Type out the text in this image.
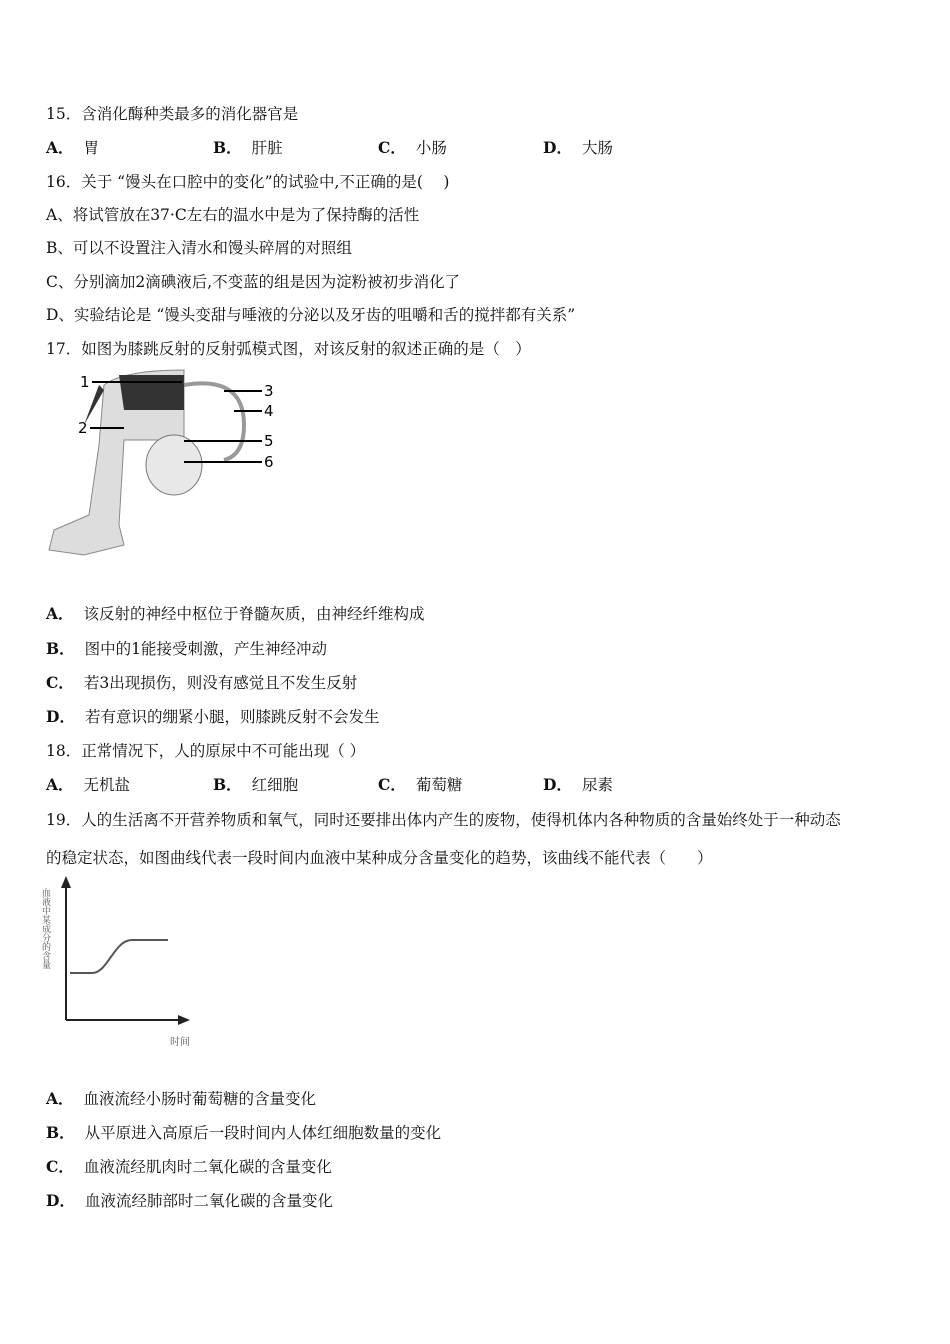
15．含消化酶种类最多的消化器官是
A． 胃	B． 肝脏	C． 小肠	D． 大肠
16．关于 “馒头在口腔中的变化”的试验中,不正确的是(　 )
A、将试管放在37·C左右的温水中是为了保持酶的活性
B、可以不设置注入清水和馒头碎屑的对照组
C、分别滴加2滴碘液后,不变蓝的组是因为淀粉被初步消化了
D、实验结论是 “馒头变甜与唾液的分泌以及牙齿的咀嚼和舌的搅拌都有关系”
17．如图为膝跳反射的反射弧模式图，对该反射的叙述正确的是（　）
1
2
3
4
5
6
A． 该反射的神经中枢位于脊髓灰质，由神经纤维构成
B． 图中的1能接受刺激，产生神经冲动
C． 若3出现损伤，则没有感觉且不发生反射
D． 若有意识的绷紧小腿，则膝跳反射不会发生
18．正常情况下，人的原尿中不可能出现（ ）
A． 无机盐	B． 红细胞	C． 葡萄糖	D． 尿素
19．人的生活离不开营养物质和氧气，同时还要排出体内产生的废物，使得机体内各种物质的含量始终处于一种动态
的稳定状态，如图曲线代表一段时间内血液中某种成分含量变化的趋势，该曲线不能代表（　　）
血液中某成分的含量
时间
A． 血液流经小肠时葡萄糖的含量变化
B． 从平原进入高原后一段时间内人体红细胞数量的变化
C． 血液流经肌肉时二氧化碳的含量变化
D． 血液流经肺部时二氧化碳的含量变化
